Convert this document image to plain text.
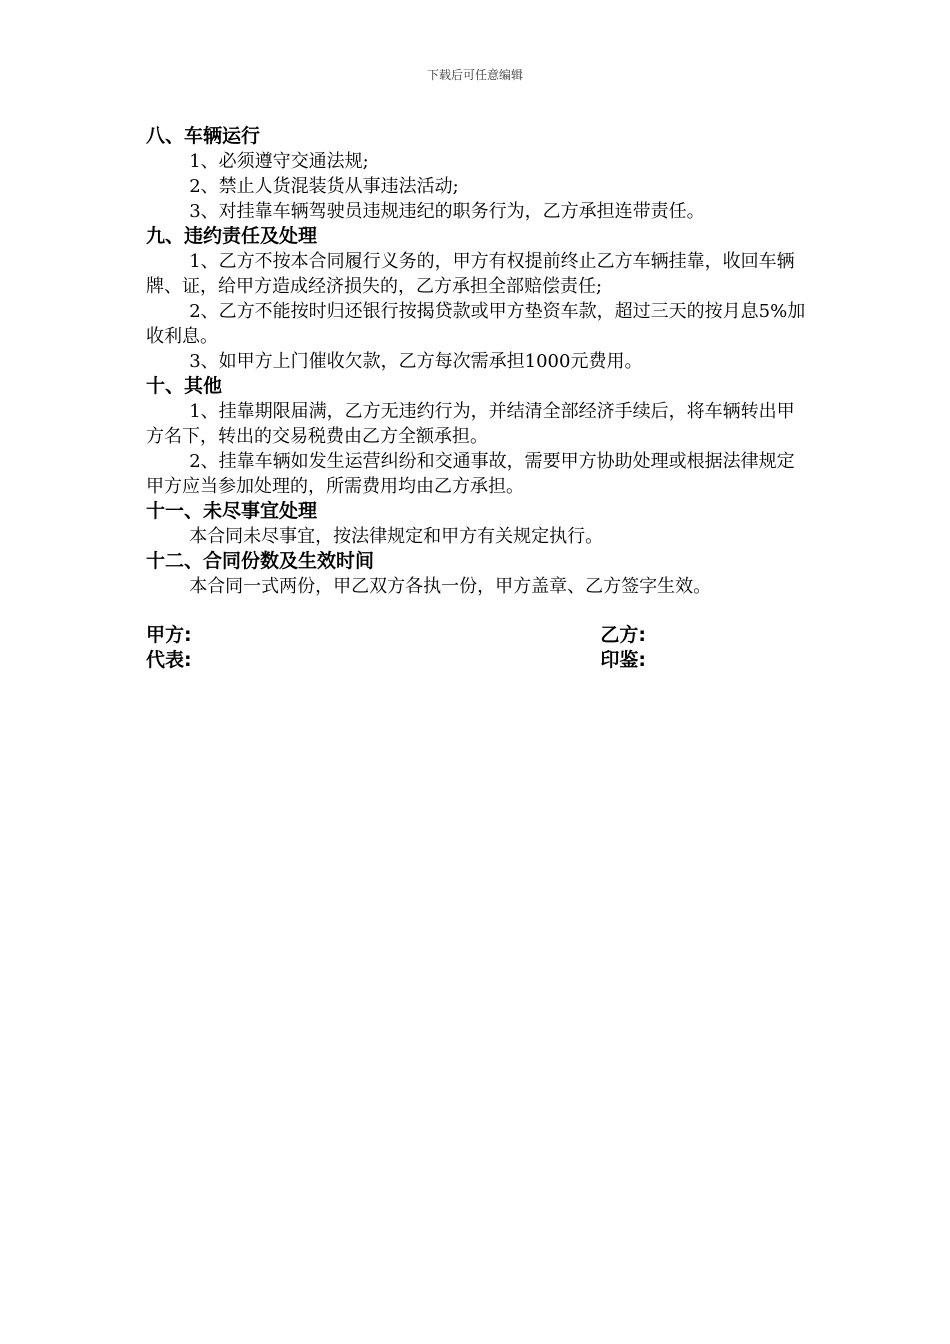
下载后可任意编辑

八、车辆运行

1、必须遵守交通法规;

2、禁止人货混装货从事违法活动;

3、对挂靠车辆驾驶员违规违纪的职务行为，乙方承担连带责任。

九、违约责任及处理

1、乙方不按本合同履行义务的，甲方有权提前终止乙方车辆挂靠，收回车辆牌、证，给甲方造成经济损失的，乙方承担全部赔偿责任;

2、乙方不能按时归还银行按揭贷款或甲方垫资车款，超过三天的按月息5%加收利息。

3、如甲方上门催收欠款，乙方每次需承担1000元费用。

十、其他

1、挂靠期限届满，乙方无违约行为，并结清全部经济手续后，将车辆转出甲方名下，转出的交易税费由乙方全额承担。

2、挂靠车辆如发生运营纠纷和交通事故，需要甲方协助处理或根据法律规定甲方应当参加处理的，所需费用均由乙方承担。

十一、未尽事宜处理

本合同未尽事宜，按法律规定和甲方有关规定执行。

十二、合同份数及生效时间

本合同一式两份，甲乙双方各执一份，甲方盖章、乙方签字生效。

甲方:	乙方:
代表:	印鉴:
